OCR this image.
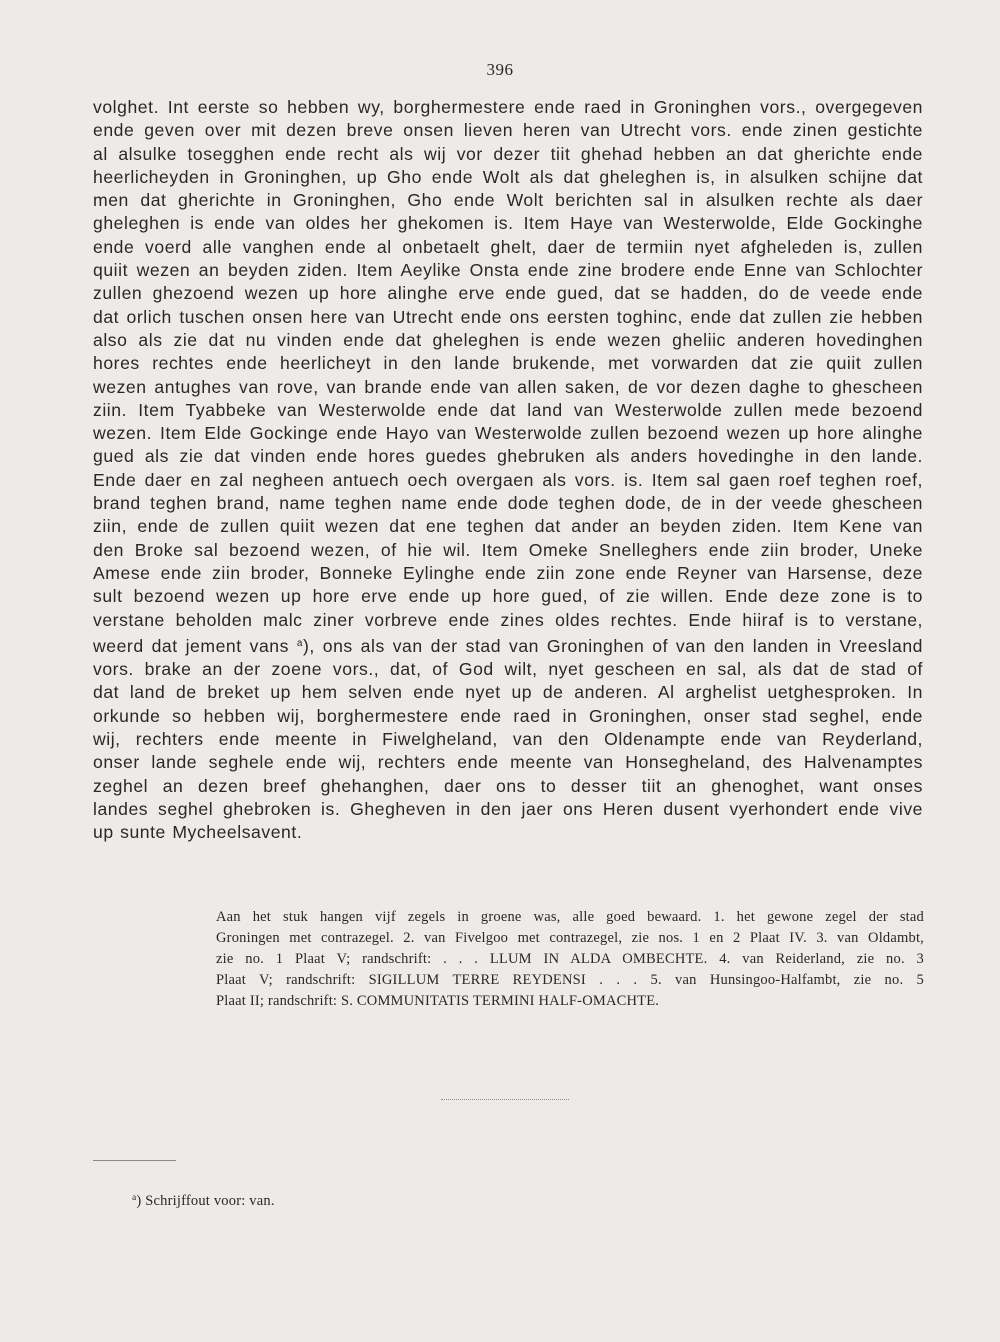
396
volghet. Int eerste so hebben wy, borghermestere ende raed in Groninghen vors., overgegeven
ende geven over mit dezen breve onsen lieven heren van Utrecht vors. ende zinen gestichte
al alsulke tosegghen ende recht als wij vor dezer tiit ghehad hebben an dat gherichte ende
heerlicheyden in Groninghen, up Gho ende Wolt als dat gheleghen is, in alsulken schijne dat
men dat gherichte in Groninghen, Gho ende Wolt berichten sal in alsulken rechte als daer
gheleghen is ende van oldes her ghekomen is. Item Haye van Westerwolde, Elde Gockinghe
ende voerd alle vanghen ende al onbetaelt ghelt, daer de termiin nyet afgheleden is, zullen
quiit wezen an beyden ziden. Item Aeylike Onsta ende zine brodere ende Enne van Schlochter
zullen ghezoend wezen up hore alinghe erve ende gued, dat se hadden, do de veede ende
dat orlich tuschen onsen here van Utrecht ende ons eersten toghinc, ende dat zullen zie hebben
also als zie dat nu vinden ende dat gheleghen is ende wezen gheliic anderen hovedinghen
hores rechtes ende heerlicheyt in den lande brukende, met vorwarden dat zie quiit zullen
wezen antughes van rove, van brande ende van allen saken, de vor dezen daghe to ghescheen
ziin. Item Tyabbeke van Westerwolde ende dat land van Westerwolde zullen mede bezoend
wezen. Item Elde Gockinge ende Hayo van Westerwolde zullen bezoend wezen up hore alinghe
gued als zie dat vinden ende hores guedes ghebruken als anders hovedinghe in den lande.
Ende daer en zal negheen antuech oech overgaen als vors. is. Item sal gaen roef teghen roef,
brand teghen brand, name teghen name ende dode teghen dode, de in der veede ghescheen
ziin, ende de zullen quiit wezen dat ene teghen dat ander an beyden ziden. Item Kene van
den Broke sal bezoend wezen, of hie wil. Item Omeke Snelleghers ende ziin broder, Uneke
Amese ende ziin broder, Bonneke Eylinghe ende ziin zone ende Reyner van Harsense, deze
sult bezoend wezen up hore erve ende up hore gued, of zie willen. Ende deze zone is to
verstane beholden malc ziner vorbreve ende zines oldes rechtes. Ende hiiraf is to verstane,
weerd dat jement vans $^a$), ons als van der stad van Groninghen of van den landen in Vreesland
vors. brake an der zoene vors., dat, of God wilt, nyet gescheen en sal, als dat de stad of
dat land de breket up hem selven ende nyet up de anderen. Al arghelist uetghesproken. In
orkunde so hebben wij, borghermestere ende raed in Groninghen, onser stad seghel, ende
wij, rechters ende meente in Fiwelgheland, van den Oldenampte ende van Reyderland,
onser lande seghele ende wij, rechters ende meente van Honsegheland, des Halvenamptes
zeghel an dezen breef ghehanghen, daer ons to desser tiit an ghenoghet, want onses
landes seghel ghebroken is. Ghegheven in den jaer ons Heren dusent vyerhondert ende vive
up sunte Mycheelsavent.
Aan het stuk hangen vijf zegels in groene was, alle goed bewaard. 1. het gewone zegel der stad
Groningen met contrazegel. 2. van Fivelgoo met contrazegel, zie nos. 1 en 2 Plaat IV. 3. van Oldambt,
zie no. 1 Plaat V; randschrift: . . . LLUM IN ALDA OMBECHTE. 4. van Reiderland, zie no. 3
Plaat V; randschrift: SIGILLUM TERRE REYDENSI . . . 5. van Hunsingoo-Halfambt, zie no. 5
Plaat II; randschrift: S. COMMUNITATIS TERMINI HALF-OMACHTE.
$^a$) Schrijffout voor: van.
